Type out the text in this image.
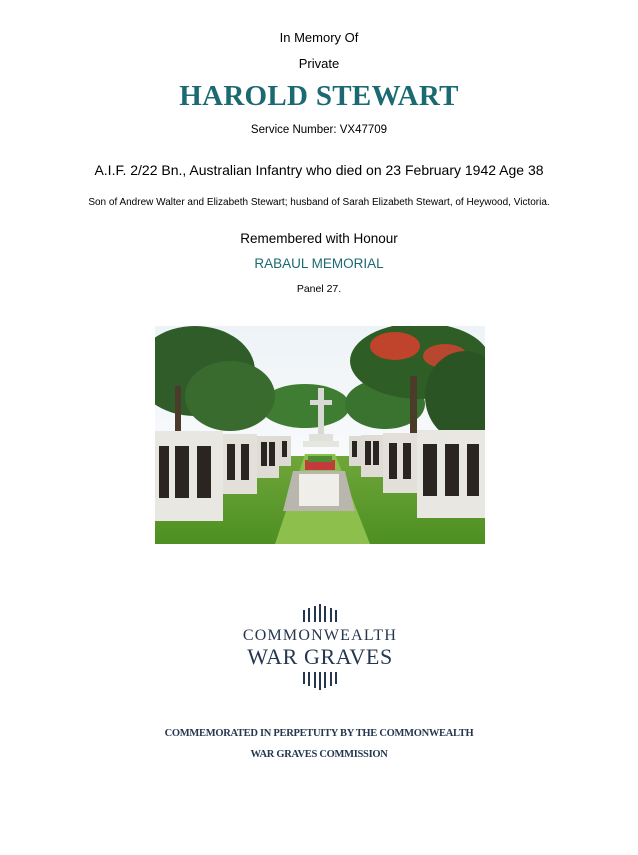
In Memory Of
Private
HAROLD STEWART
Service Number: VX47709
A.I.F. 2/22 Bn., Australian Infantry who died on 23 February 1942 Age 38
Son of Andrew Walter and Elizabeth Stewart; husband of Sarah Elizabeth Stewart, of Heywood, Victoria.
Remembered with Honour
RABAUL MEMORIAL
Panel 27.
COMMONWEALTH
WAR GRAVES
COMMEMORATED IN PERPETUITY BY THE COMMONWEALTH
WAR GRAVES COMMISSION
